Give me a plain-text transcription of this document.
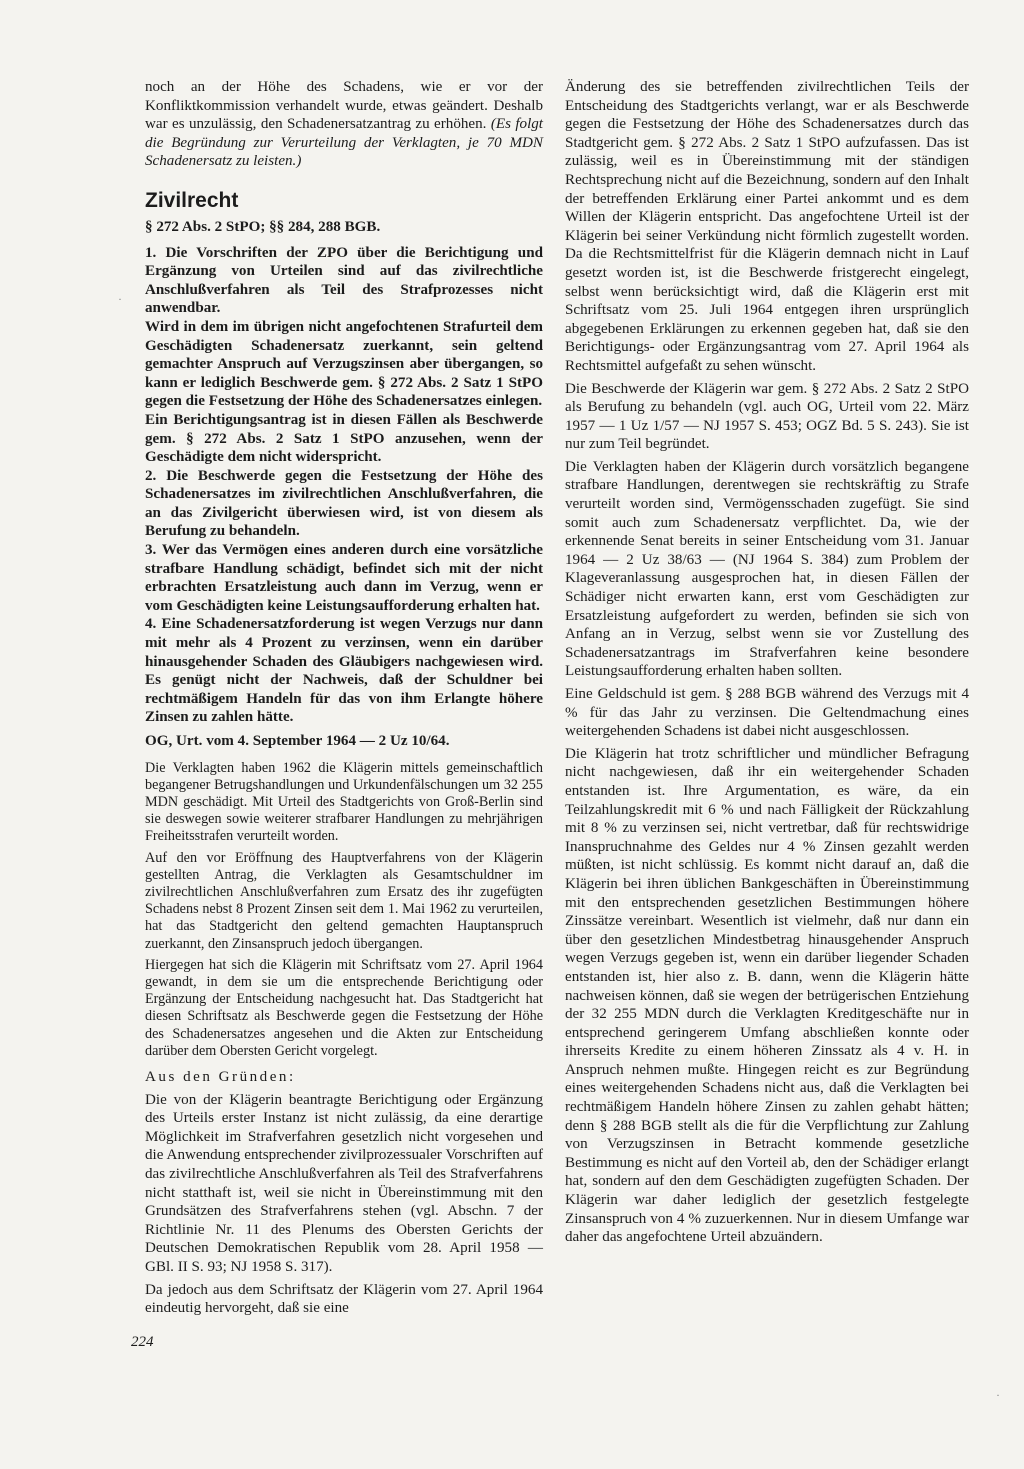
noch an der Höhe des Schadens, wie er vor der Konfliktkommission verhandelt wurde, etwas geändert. Deshalb war es unzulässig, den Schadenersatzantrag zu erhöhen. (Es folgt die Begründung zur Verurteilung der Verklagten, je 70 MDN Schadenersatz zu leisten.)

Zivilrecht

§ 272 Abs. 2 StPO; §§ 284, 288 BGB.

1. Die Vorschriften der ZPO über die Berichtigung und Ergänzung von Urteilen sind auf das zivilrechtliche Anschlußverfahren als Teil des Strafprozesses nicht anwendbar.

Wird in dem im übrigen nicht angefochtenen Strafurteil dem Geschädigten Schadenersatz zuerkannt, sein geltend gemachter Anspruch auf Verzugszinsen aber übergangen, so kann er lediglich Beschwerde gem. § 272 Abs. 2 Satz 1 StPO gegen die Festsetzung der Höhe des Schadenersatzes einlegen.

Ein Berichtigungsantrag ist in diesen Fällen als Beschwerde gem. § 272 Abs. 2 Satz 1 StPO anzusehen, wenn der Geschädigte dem nicht widerspricht.

2. Die Beschwerde gegen die Festsetzung der Höhe des Schadenersatzes im zivilrechtlichen Anschlußverfahren, die an das Zivilgericht überwiesen wird, ist von diesem als Berufung zu behandeln.

3. Wer das Vermögen eines anderen durch eine vorsätzliche strafbare Handlung schädigt, befindet sich mit der nicht erbrachten Ersatzleistung auch dann im Verzug, wenn er vom Geschädigten keine Leistungsaufforderung erhalten hat.

4. Eine Schadenersatzforderung ist wegen Verzugs nur dann mit mehr als 4 Prozent zu verzinsen, wenn ein darüber hinausgehender Schaden des Gläubigers nachgewiesen wird. Es genügt nicht der Nachweis, daß der Schuldner bei rechtmäßigem Handeln für das von ihm Erlangte höhere Zinsen zu zahlen hätte.

OG, Urt. vom 4. September 1964 — 2 Uz 10/64.

Die Verklagten haben 1962 die Klägerin mittels gemeinschaftlich begangener Betrugshandlungen und Urkundenfälschungen um 32 255 MDN geschädigt. Mit Urteil des Stadtgerichts von Groß-Berlin sind sie deswegen sowie weiterer strafbarer Handlungen zu mehrjährigen Freiheitsstrafen verurteilt worden.

Auf den vor Eröffnung des Hauptverfahrens von der Klägerin gestellten Antrag, die Verklagten als Gesamtschuldner im zivilrechtlichen Anschlußverfahren zum Ersatz des ihr zugefügten Schadens nebst 8 Prozent Zinsen seit dem 1. Mai 1962 zu verurteilen, hat das Stadtgericht den geltend gemachten Hauptanspruch zuerkannt, den Zinsanspruch jedoch übergangen.

Hiergegen hat sich die Klägerin mit Schriftsatz vom 27. April 1964 gewandt, in dem sie um die entsprechende Berichtigung oder Ergänzung der Entscheidung nachgesucht hat. Das Stadtgericht hat diesen Schriftsatz als Beschwerde gegen die Festsetzung der Höhe des Schadenersatzes angesehen und die Akten zur Entscheidung darüber dem Obersten Gericht vorgelegt.

Aus den Gründen:

Die von der Klägerin beantragte Berichtigung oder Ergänzung des Urteils erster Instanz ist nicht zulässig, da eine derartige Möglichkeit im Strafverfahren gesetzlich nicht vorgesehen und die Anwendung entsprechender zivilprozessualer Vorschriften auf das zivilrechtliche Anschlußverfahren als Teil des Strafverfahrens nicht statthaft ist, weil sie nicht in Übereinstimmung mit den Grundsätzen des Strafverfahrens stehen (vgl. Abschn. 7 der Richtlinie Nr. 11 des Plenums des Obersten Gerichts der Deutschen Demokratischen Republik vom 28. April 1958 — GBl. II S. 93; NJ 1958 S. 317).

Da jedoch aus dem Schriftsatz der Klägerin vom 27. April 1964 eindeutig hervorgeht, daß sie eine

Änderung des sie betreffenden zivilrechtlichen Teils der Entscheidung des Stadtgerichts verlangt, war er als Beschwerde gegen die Festsetzung der Höhe des Schadenersatzes durch das Stadtgericht gem. § 272 Abs. 2 Satz 1 StPO aufzufassen. Das ist zulässig, weil es in Übereinstimmung mit der ständigen Rechtsprechung nicht auf die Bezeichnung, sondern auf den Inhalt der betreffenden Erklärung einer Partei ankommt und es dem Willen der Klägerin entspricht. Das angefochtene Urteil ist der Klägerin bei seiner Verkündung nicht förmlich zugestellt worden. Da die Rechtsmittelfrist für die Klägerin demnach nicht in Lauf gesetzt worden ist, ist die Beschwerde fristgerecht eingelegt, selbst wenn berücksichtigt wird, daß die Klägerin erst mit Schriftsatz vom 25. Juli 1964 entgegen ihren ursprünglich abgegebenen Erklärungen zu erkennen gegeben hat, daß sie den Berichtigungs- oder Ergänzungsantrag vom 27. April 1964 als Rechtsmittel aufgefaßt zu sehen wünscht.

Die Beschwerde der Klägerin war gem. § 272 Abs. 2 Satz 2 StPO als Berufung zu behandeln (vgl. auch OG, Urteil vom 22. März 1957 — 1 Uz 1/57 — NJ 1957 S. 453; OGZ Bd. 5 S. 243). Sie ist nur zum Teil begründet.

Die Verklagten haben der Klägerin durch vorsätzlich begangene strafbare Handlungen, derentwegen sie rechtskräftig zu Strafe verurteilt worden sind, Vermögensschaden zugefügt. Sie sind somit auch zum Schadenersatz verpflichtet. Da, wie der erkennende Senat bereits in seiner Entscheidung vom 31. Januar 1964 — 2 Uz 38/63 — (NJ 1964 S. 384) zum Problem der Klageveranlassung ausgesprochen hat, in diesen Fällen der Schädiger nicht erwarten kann, erst vom Geschädigten zur Ersatzleistung aufgefordert zu werden, befinden sie sich von Anfang an in Verzug, selbst wenn sie vor Zustellung des Schadenersatzantrags im Strafverfahren keine besondere Leistungsaufforderung erhalten haben sollten.

Eine Geldschuld ist gem. § 288 BGB während des Verzugs mit 4 % für das Jahr zu verzinsen. Die Geltendmachung eines weitergehenden Schadens ist dabei nicht ausgeschlossen.

Die Klägerin hat trotz schriftlicher und mündlicher Befragung nicht nachgewiesen, daß ihr ein weitergehender Schaden entstanden ist. Ihre Argumentation, es wäre, da ein Teilzahlungskredit mit 6 % und nach Fälligkeit der Rückzahlung mit 8 % zu verzinsen sei, nicht vertretbar, daß für rechtswidrige Inanspruchnahme des Geldes nur 4 % Zinsen gezahlt werden müßten, ist nicht schlüssig. Es kommt nicht darauf an, daß die Klägerin bei ihren üblichen Bankgeschäften in Übereinstimmung mit den entsprechenden gesetzlichen Bestimmungen höhere Zinssätze vereinbart. Wesentlich ist vielmehr, daß nur dann ein über den gesetzlichen Mindestbetrag hinausgehender Anspruch wegen Verzugs gegeben ist, wenn ein darüber liegender Schaden entstanden ist, hier also z. B. dann, wenn die Klägerin hätte nachweisen können, daß sie wegen der betrügerischen Entziehung der 32 255 MDN durch die Verklagten Kreditgeschäfte nur in entsprechend geringerem Umfang abschließen konnte oder ihrerseits Kredite zu einem höheren Zinssatz als 4 v. H. in Anspruch nehmen mußte. Hingegen reicht es zur Begründung eines weitergehenden Schadens nicht aus, daß die Verklagten bei rechtmäßigem Handeln höhere Zinsen zu zahlen gehabt hätten; denn § 288 BGB stellt als die für die Verpflichtung zur Zahlung von Verzugszinsen in Betracht kommende gesetzliche Bestimmung es nicht auf den Vorteil ab, den der Schädiger erlangt hat, sondern auf den dem Geschädigten zugefügten Schaden. Der Klägerin war daher lediglich der gesetzlich festgelegte Zinsanspruch von 4 % zuzuerkennen. Nur in diesem Umfange war daher das angefochtene Urteil abzuändern.

224
·
·
